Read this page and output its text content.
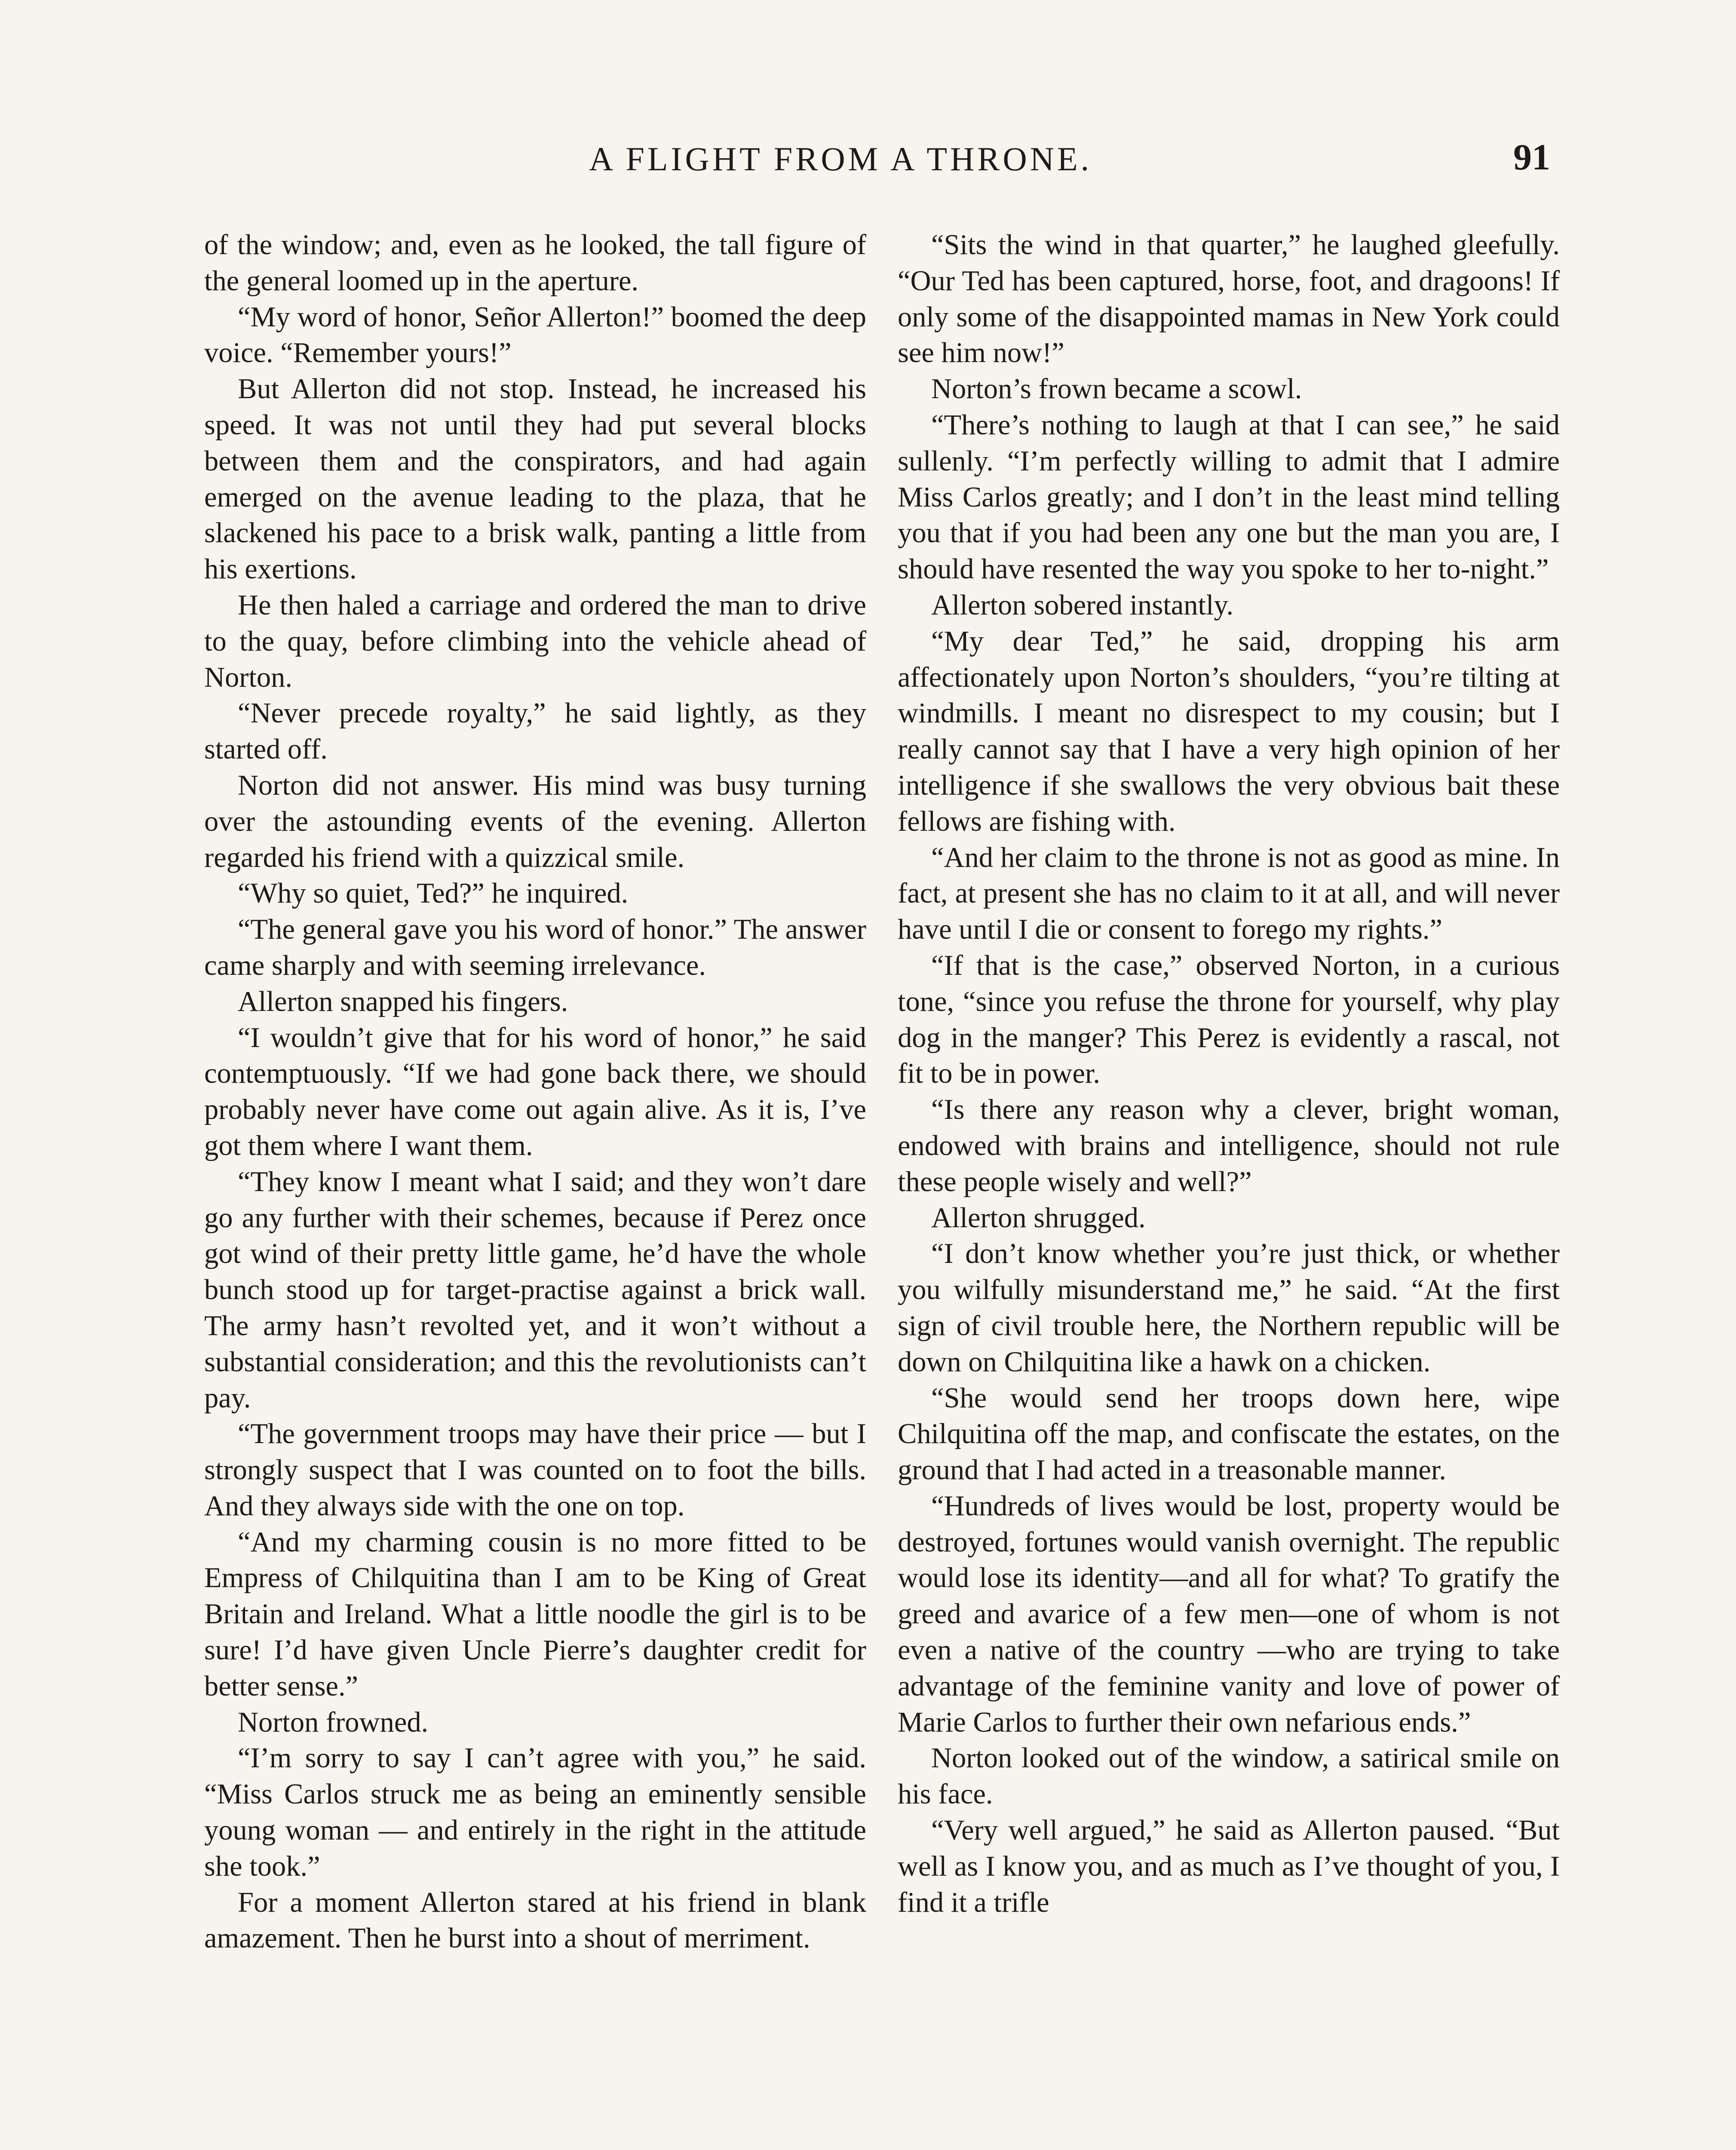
A FLIGHT FROM A THRONE.	91

of the window; and, even as he looked, the tall figure of the general loomed up in the aperture.

“My word of honor, Señor Allerton!” boomed the deep voice. “Remember yours!”

But Allerton did not stop. Instead, he increased his speed. It was not until they had put several blocks between them and the conspirators, and had again emerged on the avenue leading to the plaza, that he slackened his pace to a brisk walk, panting a little from his exertions.

He then haled a carriage and ordered the man to drive to the quay, before climbing into the vehicle ahead of Norton.

“Never precede royalty,” he said lightly, as they started off.

Norton did not answer. His mind was busy turning over the astounding events of the evening. Allerton regarded his friend with a quizzical smile.

“Why so quiet, Ted?” he inquired.

“The general gave you his word of honor.” The answer came sharply and with seeming irrelevance.

Allerton snapped his fingers.

“I wouldn’t give that for his word of honor,” he said contemptuously. “If we had gone back there, we should probably never have come out again alive. As it is, I’ve got them where I want them.

“They know I meant what I said; and they won’t dare go any further with their schemes, because if Perez once got wind of their pretty little game, he’d have the whole bunch stood up for target-practise against a brick wall. The army hasn’t revolted yet, and it won’t without a substantial consideration; and this the revolutionists can’t pay.

“The government troops may have their price — but I strongly suspect that I was counted on to foot the bills. And they always side with the one on top.

“And my charming cousin is no more fitted to be Empress of Chilquitina than I am to be King of Great Britain and Ireland. What a little noodle the girl is to be sure! I’d have given Uncle Pierre’s daughter credit for better sense.”

Norton frowned.

“I’m sorry to say I can’t agree with you,” he said. “Miss Carlos struck me as being an eminently sensible young woman — and entirely in the right in the attitude she took.”

For a moment Allerton stared at his friend in blank amazement. Then he burst into a shout of merriment.

“Sits the wind in that quarter,” he laughed gleefully. “Our Ted has been captured, horse, foot, and dragoons! If only some of the disappointed mamas in New York could see him now!”

Norton’s frown became a scowl.

“There’s nothing to laugh at that I can see,” he said sullenly. “I’m perfectly willing to admit that I admire Miss Carlos greatly; and I don’t in the least mind telling you that if you had been any one but the man you are, I should have resented the way you spoke to her to-night.”

Allerton sobered instantly.

“My dear Ted,” he said, dropping his arm affectionately upon Norton’s shoulders, “you’re tilting at windmills. I meant no disrespect to my cousin; but I really cannot say that I have a very high opinion of her intelligence if she swallows the very obvious bait these fellows are fishing with.

“And her claim to the throne is not as good as mine. In fact, at present she has no claim to it at all, and will never have until I die or consent to forego my rights.”

“If that is the case,” observed Norton, in a curious tone, “since you refuse the throne for yourself, why play dog in the manger? This Perez is evidently a rascal, not fit to be in power.

“Is there any reason why a clever, bright woman, endowed with brains and intelligence, should not rule these people wisely and well?”

Allerton shrugged.

“I don’t know whether you’re just thick, or whether you wilfully misunderstand me,” he said. “At the first sign of civil trouble here, the Northern republic will be down on Chilquitina like a hawk on a chicken.

“She would send her troops down here, wipe Chilquitina off the map, and confiscate the estates, on the ground that I had acted in a treasonable manner.

“Hundreds of lives would be lost, property would be destroyed, fortunes would vanish overnight. The republic would lose its identity—and all for what? To gratify the greed and avarice of a few men—one of whom is not even a native of the country —who are trying to take advantage of the feminine vanity and love of power of Marie Carlos to further their own nefarious ends.”

Norton looked out of the window, a satirical smile on his face.

“Very well argued,” he said as Allerton paused. “But well as I know you, and as much as I’ve thought of you, I find it a trifle
